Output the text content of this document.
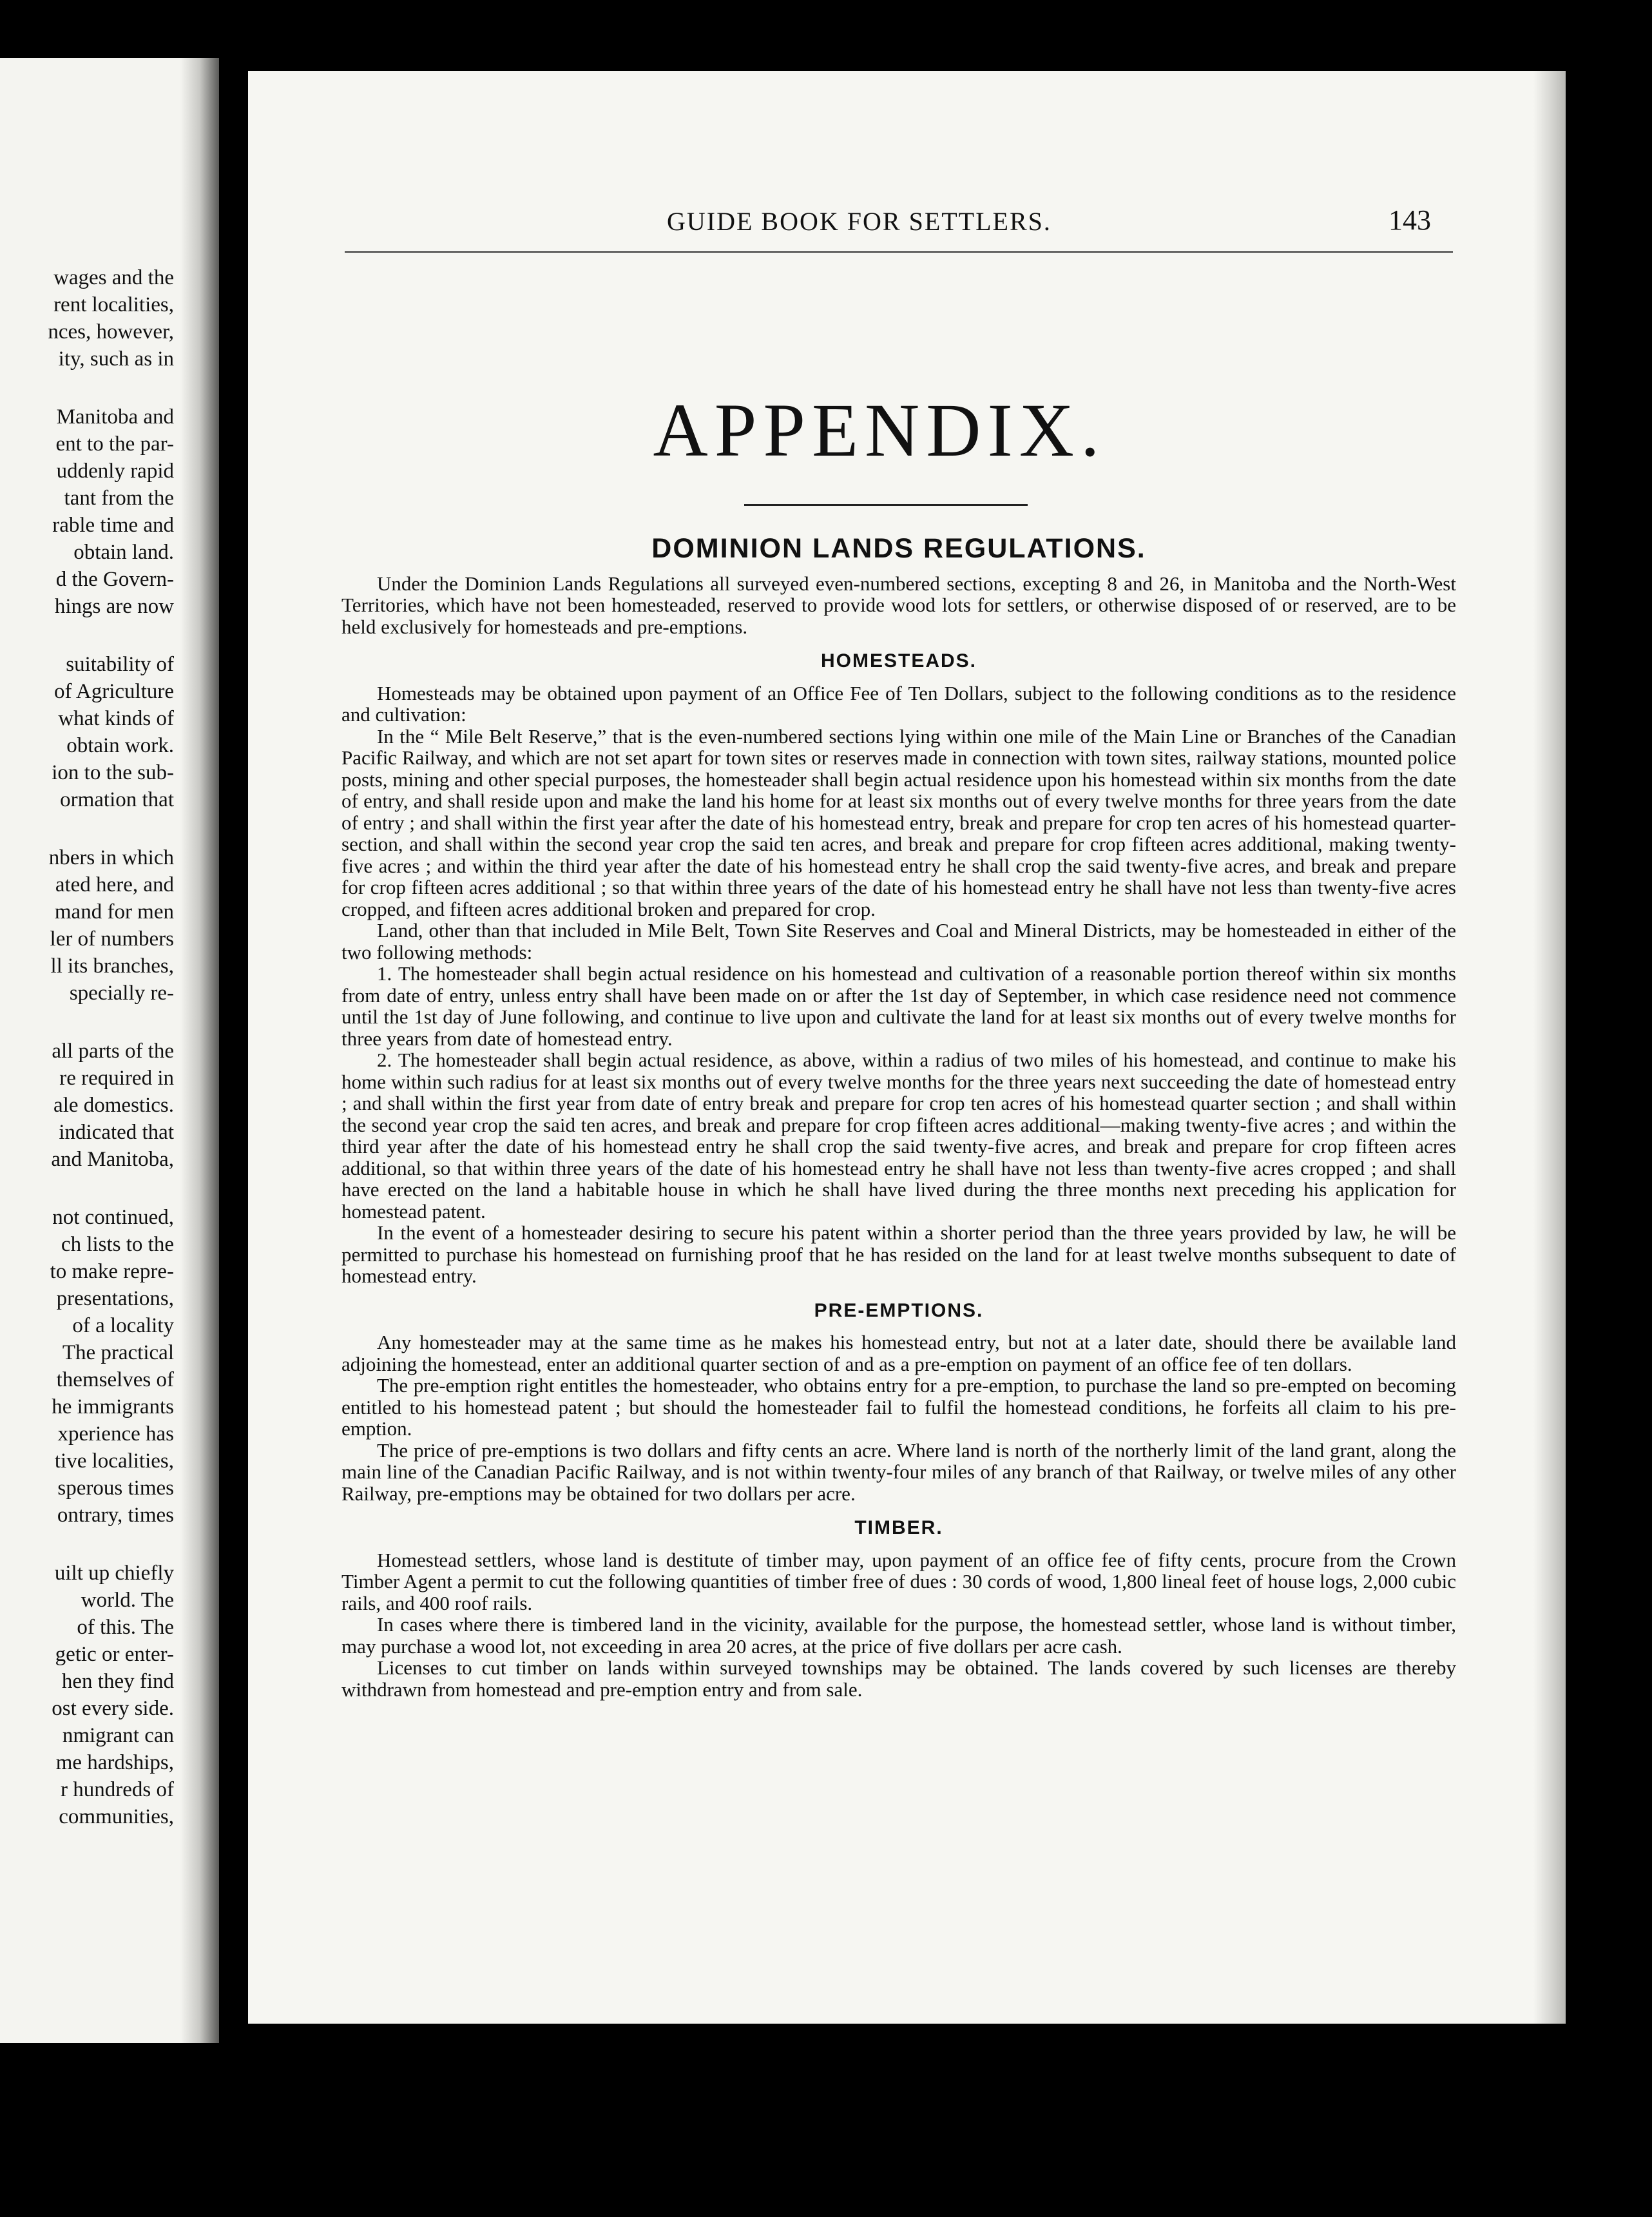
wages and the
rent localities,
nces, however,
ity, such as in
Manitoba and
ent to the par-
uddenly rapid
tant from the
rable time and
obtain land.
d the Govern-
hings are now
suitability of
of Agriculture
what kinds of
obtain work.
ion to the sub-
ormation that
nbers in which
ated here, and
mand for men
ler of numbers
ll its branches,
specially re-
all parts of the
re required in
ale domestics.
indicated that
and Manitoba,
not continued,
ch lists to the
to make repre-
presentations,
of a locality
The practical
themselves of
he immigrants
xperience has
tive localities,
sperous times
ontrary, times
uilt up chiefly
world. The
of this. The
getic or enter-
hen they find
ost every side.
nmigrant can
me hardships,
r hundreds of
communities,
GUIDE BOOK FOR SETTLERS.	143
APPENDIX.
DOMINION LANDS REGULATIONS.

Under the Dominion Lands Regulations all surveyed even-numbered sections, excepting 8 and 26, in Manitoba and the North-West Territories, which have not been homesteaded, reserved to provide wood lots for settlers, or otherwise disposed of or reserved, are to be held exclusively for homesteads and pre-emptions.

HOMESTEADS.

Homesteads may be obtained upon payment of an Office Fee of Ten Dollars, subject to the following conditions as to the residence and cultivation:

In the “ Mile Belt Reserve,” that is the even-numbered sections lying within one mile of the Main Line or Branches of the Canadian Pacific Railway, and which are not set apart for town sites or reserves made in connection with town sites, railway stations, mounted police posts, mining and other special purposes, the homesteader shall begin actual residence upon his homestead within six months from the date of entry, and shall reside upon and make the land his home for at least six months out of every twelve months for three years from the date of entry ; and shall within the first year after the date of his homestead entry, break and prepare for crop ten acres of his homestead quarter-section, and shall within the second year crop the said ten acres, and break and prepare for crop fifteen acres additional, making twenty-five acres ; and within the third year after the date of his homestead entry he shall crop the said twenty-five acres, and break and prepare for crop fifteen acres additional ; so that within three years of the date of his homestead entry he shall have not less than twenty-five acres cropped, and fifteen acres additional broken and prepared for crop.

Land, other than that included in Mile Belt, Town Site Reserves and Coal and Mineral Districts, may be homesteaded in either of the two following methods:

1. The homesteader shall begin actual residence on his homestead and cultivation of a reasonable portion thereof within six months from date of entry, unless entry shall have been made on or after the 1st day of September, in which case residence need not commence until the 1st day of June following, and continue to live upon and cultivate the land for at least six months out of every twelve months for three years from date of homestead entry.

2. The homesteader shall begin actual residence, as above, within a radius of two miles of his homestead, and continue to make his home within such radius for at least six months out of every twelve months for the three years next succeeding the date of homestead entry ; and shall within the first year from date of entry break and prepare for crop ten acres of his homestead quarter section ; and shall within the second year crop the said ten acres, and break and prepare for crop fifteen acres additional—making twenty-five acres ; and within the third year after the date of his homestead entry he shall crop the said twenty-five acres, and break and prepare for crop fifteen acres additional, so that within three years of the date of his homestead entry he shall have not less than twenty-five acres cropped ; and shall have erected on the land a habitable house in which he shall have lived during the three months next preceding his application for homestead patent.

In the event of a homesteader desiring to secure his patent within a shorter period than the three years provided by law, he will be permitted to purchase his homestead on furnishing proof that he has resided on the land for at least twelve months subsequent to date of homestead entry.

PRE-EMPTIONS.

Any homesteader may at the same time as he makes his homestead entry, but not at a later date, should there be available land adjoining the homestead, enter an additional quarter section of and as a pre-emption on payment of an office fee of ten dollars.

The pre-emption right entitles the homesteader, who obtains entry for a pre-emption, to purchase the land so pre-empted on becoming entitled to his homestead patent ; but should the homesteader fail to fulfil the homestead conditions, he forfeits all claim to his pre-emption.

The price of pre-emptions is two dollars and fifty cents an acre. Where land is north of the northerly limit of the land grant, along the main line of the Canadian Pacific Railway, and is not within twenty-four miles of any branch of that Railway, or twelve miles of any other Railway, pre-emptions may be obtained for two dollars per acre.

TIMBER.

Homestead settlers, whose land is destitute of timber may, upon payment of an office fee of fifty cents, procure from the Crown Timber Agent a permit to cut the following quantities of timber free of dues : 30 cords of wood, 1,800 lineal feet of house logs, 2,000 cubic rails, and 400 roof rails.

In cases where there is timbered land in the vicinity, available for the purpose, the homestead settler, whose land is without timber, may purchase a wood lot, not exceeding in area 20 acres, at the price of five dollars per acre cash.

Licenses to cut timber on lands within surveyed townships may be obtained. The lands covered by such licenses are thereby withdrawn from homestead and pre-emption entry and from sale.
